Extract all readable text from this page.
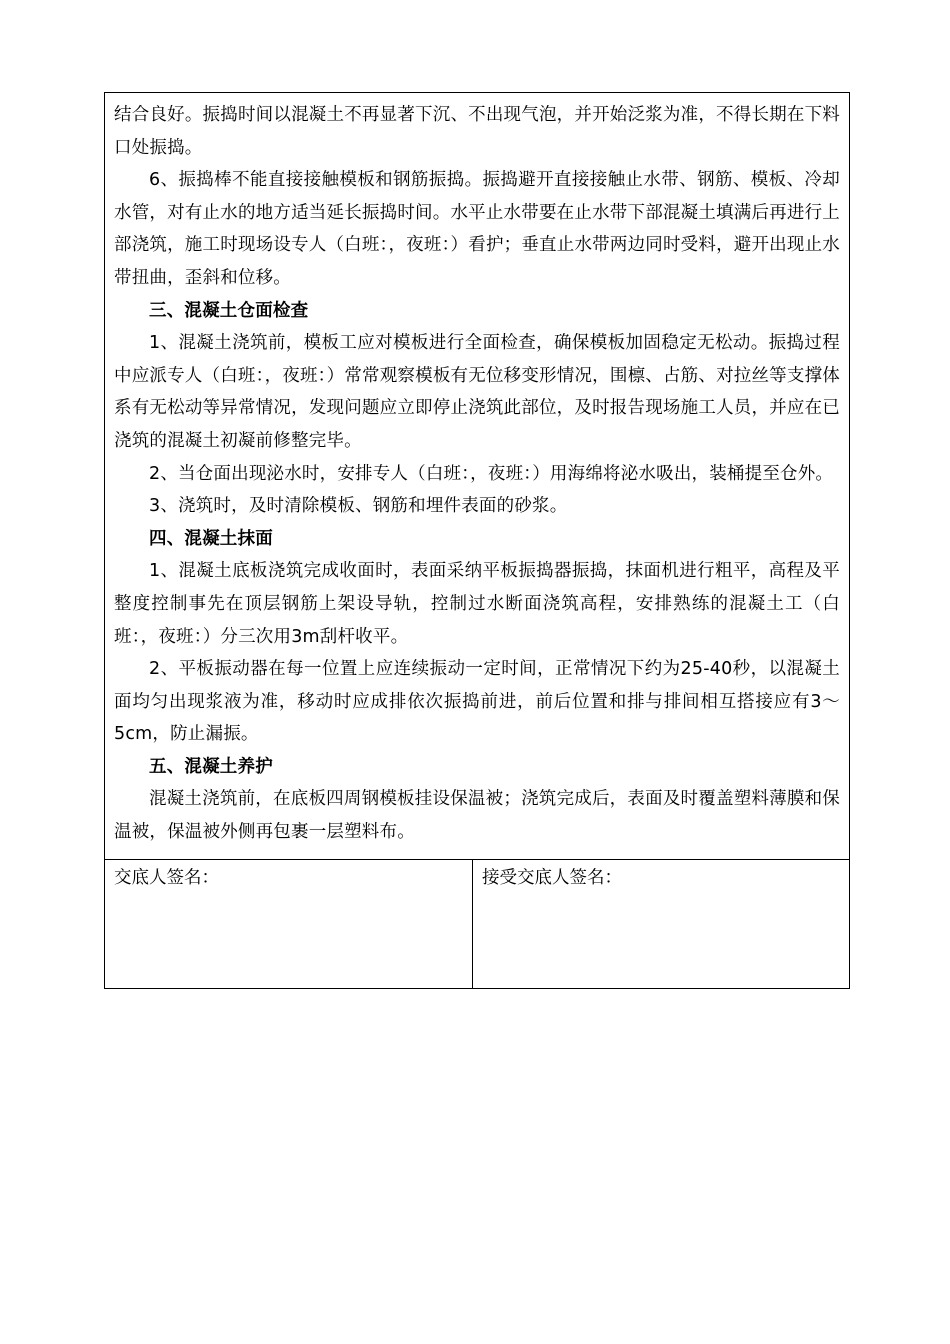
结合良好。振捣时间以混凝土不再显著下沉、不出现气泡，并开始泛浆为准，不得长期在下料口处振捣。

6、振捣棒不能直接接触模板和钢筋振捣。振捣避开直接接触止水带、钢筋、模板、冷却水管，对有止水的地方适当延长振捣时间。水平止水带要在止水带下部混凝土填满后再进行上部浇筑，施工时现场设专人（白班：，夜班：）看护；垂直止水带两边同时受料，避开出现止水带扭曲，歪斜和位移。

三、混凝土仓面检查

1、混凝土浇筑前，模板工应对模板进行全面检查，确保模板加固稳定无松动。振捣过程中应派专人（白班：，夜班：）常常观察模板有无位移变形情况，围檩、占筋、对拉丝等支撑体系有无松动等异常情况，发现问题应立即停止浇筑此部位，及时报告现场施工人员，并应在已浇筑的混凝土初凝前修整完毕。

2、当仓面出现泌水时，安排专人（白班：，夜班：）用海绵将泌水吸出，装桶提至仓外。

3、浇筑时，及时清除模板、钢筋和埋件表面的砂浆。

四、混凝土抹面

1、混凝土底板浇筑完成收面时，表面采纳平板振捣器振捣，抹面机进行粗平，高程及平整度控制事先在顶层钢筋上架设导轨，控制过水断面浇筑高程，安排熟练的混凝土工（白班：，夜班：）分三次用3m刮杆收平。

2、平板振动器在每一位置上应连续振动一定时间，正常情况下约为25-40秒，以混凝土面均匀出现浆液为准，移动时应成排依次振捣前进，前后位置和排与排间相互搭接应有3～5cm，防止漏振。

五、混凝土养护

混凝土浇筑前，在底板四周钢模板挂设保温被；浇筑完成后，表面及时覆盖塑料薄膜和保温被，保温被外侧再包裹一层塑料布。

交底人签名：	接受交底人签名：
